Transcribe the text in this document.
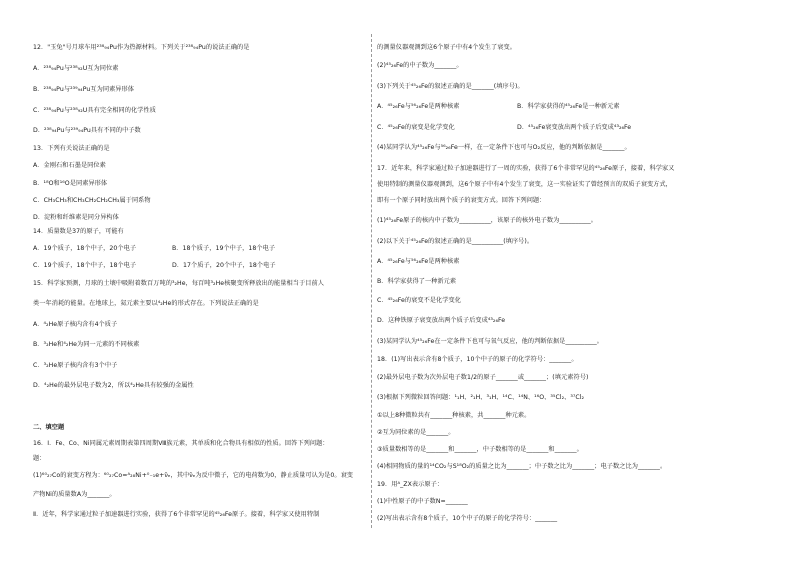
12．"玉兔"号月球车用²³⁸₉₄Pu作为热源材料。下列关于²³⁸₉₄Pu的说法正确的是
A．²³⁸₉₄Pu与²³⁸₉₂U互为同位素
B．²³⁸₉₄Pu与²³⁹₉₄Pu互为同素异形体
C．²³⁸₉₄Pu与²³⁸₉₂U具有完全相同的化学性质
D．²³⁸₉₄Pu与²³⁹₉₄Pu具有不同的中子数
13．下列有关说法正确的是
A．金刚石和石墨是同位素
B．¹⁸O和¹⁶O是同素异形体
C．CH₃CH₃和CH₃CH₂CH₂CH₃属于同系物
D．淀粉和纤维素是同分异构体
14．质量数是37的原子，可能有
A．19个质子，18个中子，20个电子	B．18个质子，19个中子，18个电子
C．19个质子，18个中子，18个电子	D．17个质子，20个中子，18个电子
15．科学家预测，月球的土壤中吸附着数百万吨的³₂He，每百吨³₂He核聚变所释放出的能量相当于目前人
类一年消耗的能量。在地球上，氦元素主要以⁴₂He的形式存在。下列说法正确的是
A．⁴₂He原子核内含有4个质子
B．³₂He和⁴₂He为同一元素的不同核素
C．³₂He原子核内含有3个中子
D．⁴₂He的最外层电子数为2，所以⁴₂He具有较强的金属性
二、填空题
16．Ⅰ．Fe、Co、Ni同属元素周期表第四周期Ⅷ族元素，其单质和化合物具有相似的性质。回答下列问题：
题：
(1)⁶⁰₂₇Co的衰变方程为：⁶⁰₂₇Co=ᴬ₂₈Ni+⁰₋₁e+ν̄ₑ，其中ν̄ₑ为反中微子，它的电荷数为0，静止质量可认为是0。衰变
产物Ni的质量数A为_______。
Ⅱ．近年，科学家通过粒子加速器进行实验，获得了6个非常罕见的⁴⁵₂₆Fe原子。接着，科学家又使用特制
的测量仪器观测到这6个原子中有4个发生了衰变。
(2)⁴⁵₂₆Fe的中子数为_______。
(3)下列关于⁴⁵₂₆Fe的叙述正确的是_______(填序号)。
A．⁴⁵₂₆Fe与⁵⁶₂₆Fe是两种核素	B．科学家获得的⁴⁵₂₆Fe是一种新元素
C．⁴⁵₂₆Fe的衰变是化学变化	D．⁴⁵₂₆Fe衰变放出两个质子后变成⁴³₂₆Fe
(4)某同学认为⁴⁵₂₆Fe与⁵⁶₂₆Fe一样，在一定条件下也可与O₂反应，他的判断依据是_______。
17．近年来，科学家通过粒子加速器进行了一周的实验，获得了6个非常罕见的⁴⁵₂₆Fe原子，接着，科学家又
使用特制的测量仪器观测到，这6个原子中有4个发生了衰变，这一实验证实了曾经预言的双质子衰变方式，
即有一个原子同时放出两个质子的衰变方式。回答下列问题：
(1)⁴⁵₂₆Fe原子的核内中子数为__________，该原子的核外电子数为__________。
(2)以下关于⁴⁵₂₆Fe的叙述正确的是__________(填序号)。
A．⁴⁵₂₆Fe与⁵⁶₂₆Fe是两种核素
B．科学家获得了一种新元素
C．⁴⁵₂₆Fe的衰变不是化学变化
D．这种铁原子衰变放出两个质子后变成⁴³₂₆Fe
(3)某同学认为⁴⁵₂₆Fe在一定条件下也可与氧气反应，他的判断依据是__________。
18．(1)写出表示含有8个质子，10个中子的原子的化学符号：_______。
(2)最外层电子数为次外层电子数1/2的原子_______或_______；(填元素符号)
(3)根据下列微粒回答问题：¹₁H、²₁H、³₁H、¹⁴C、¹⁴N、¹⁶O、³⁵Cl₂、³⁷Cl₂
①以上8种微粒共有_______种核素，共_______种元素。
②互为同位素的是_______。
③质量数相等的是_______和_______，中子数相等的是_______和_______。
(4)相同物质的量的¹⁴CO₂与S¹⁸O₂的质量之比为_______；中子数之比为_______；电子数之比为_______。
19．用ᴬ_ZX表示原子：
(1)中性原子的中子数N=_______
(2)写出表示含有8个质子，10个中子的原子的化学符号：_______
